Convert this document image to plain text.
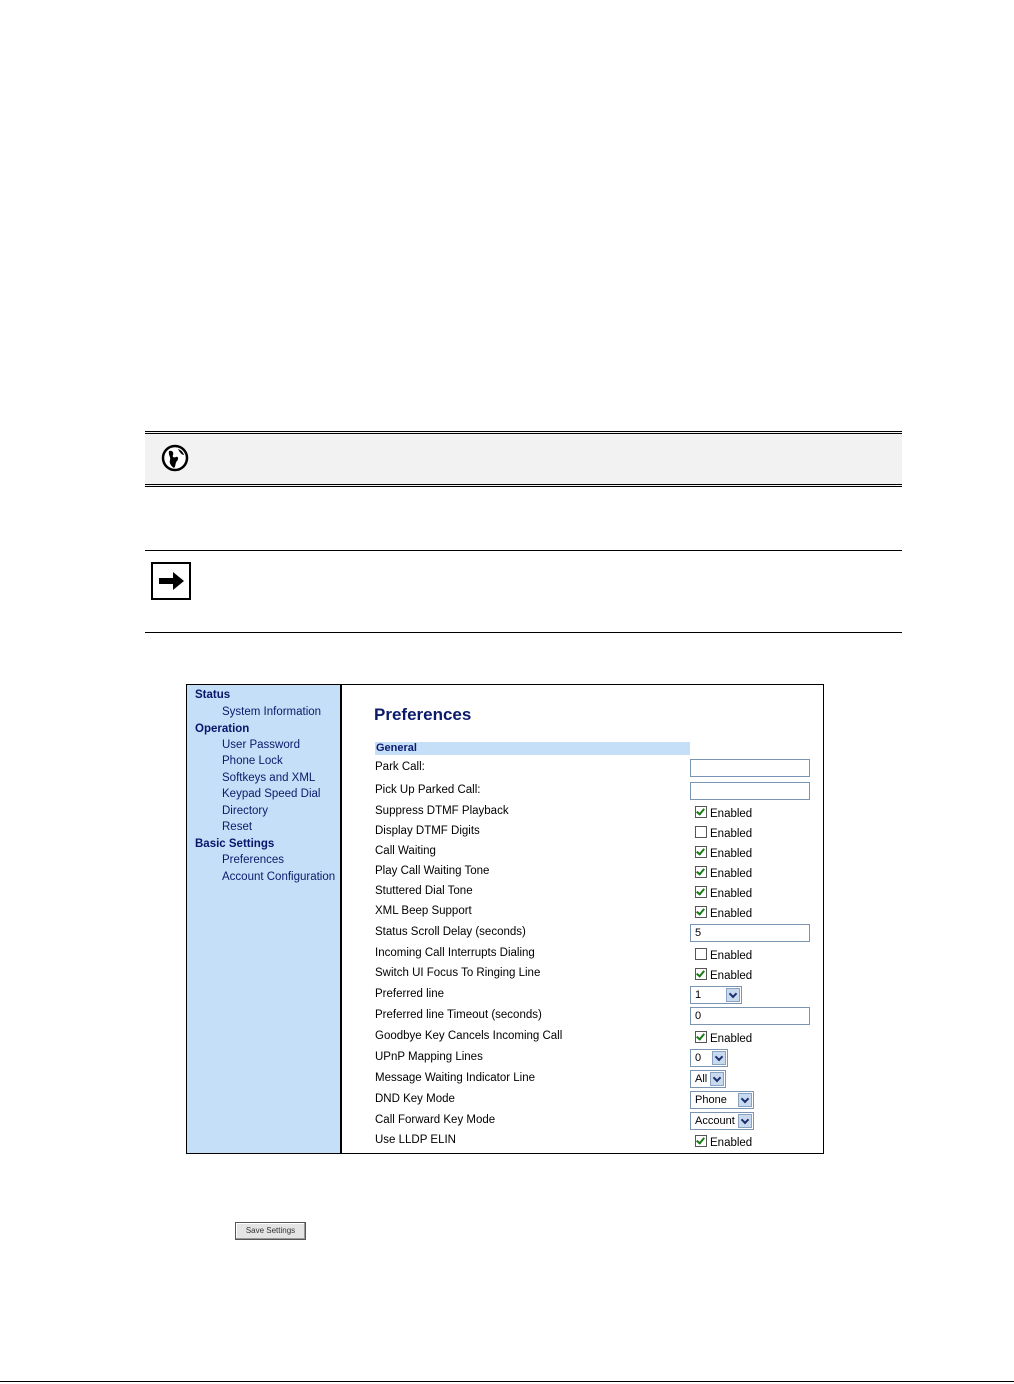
Status
System Information
Operation
User Password
Phone Lock
Softkeys and XML
Keypad Speed Dial
Directory
Reset
Basic Settings
Preferences
Account Configuration
Preferences
General
Park Call:
Pick Up Parked Call:
Suppress DTMF Playback	Enabled
Display DTMF Digits	Enabled
Call Waiting	Enabled
Play Call Waiting Tone	Enabled
Stuttered Dial Tone	Enabled
XML Beep Support	Enabled
Status Scroll Delay (seconds)	5
Incoming Call Interrupts Dialing	Enabled
Switch UI Focus To Ringing Line	Enabled
Preferred line	1
Preferred line Timeout (seconds)	0
Goodbye Key Cancels Incoming Call	Enabled
UPnP Mapping Lines	0
Message Waiting Indicator Line	All
DND Key Mode	Phone
Call Forward Key Mode	Account
Use LLDP ELIN	Enabled
Save Settings
